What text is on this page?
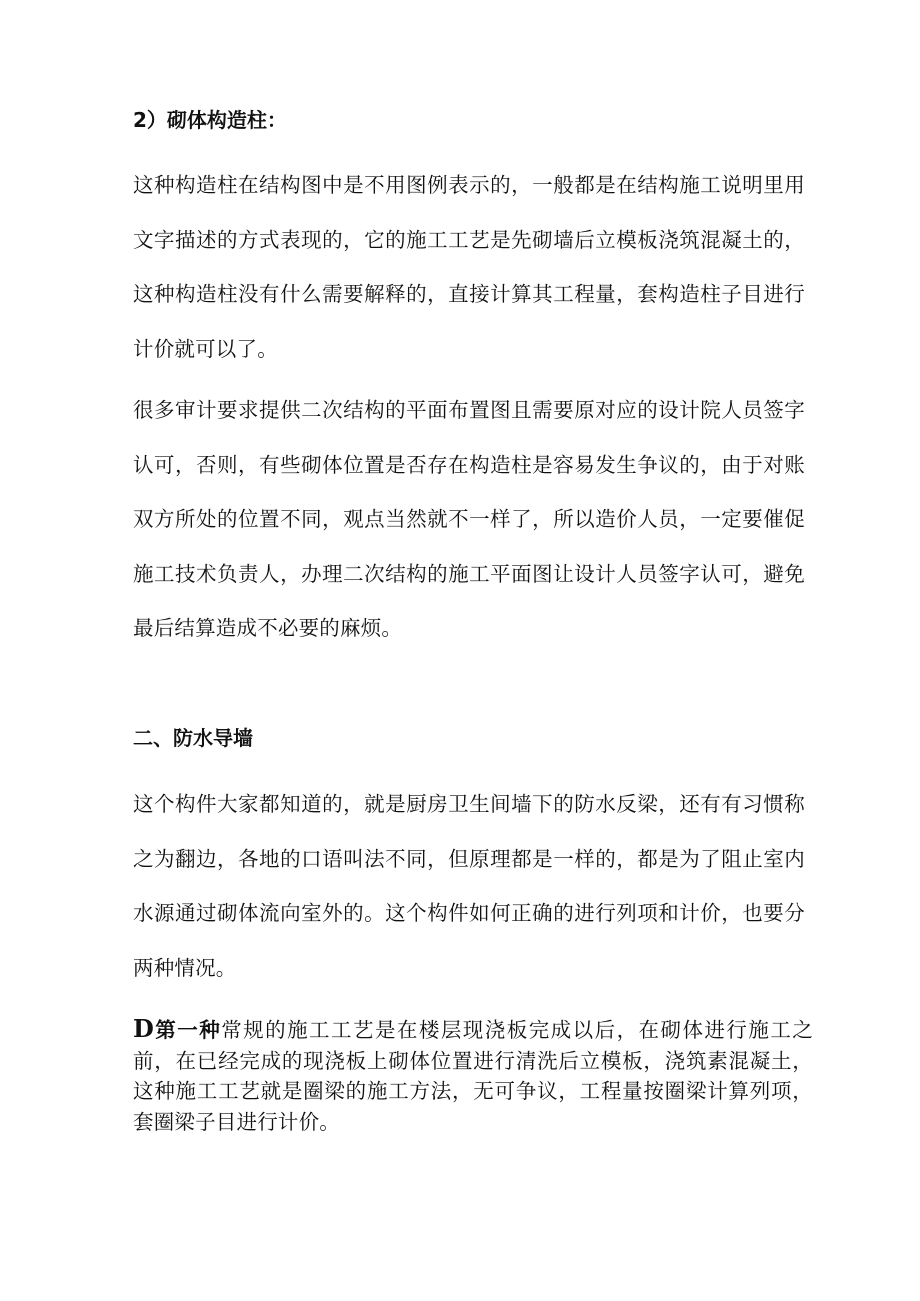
2）砌体构造柱：

这种构造柱在结构图中是不用图例表示的，一般都是在结构施工说明里用文字描述的方式表现的，它的施工工艺是先砌墙后立模板浇筑混凝土的，这种构造柱没有什么需要解释的，直接计算其工程量，套构造柱子目进行计价就可以了。

很多审计要求提供二次结构的平面布置图且需要原对应的设计院人员签字认可，否则，有些砌体位置是否存在构造柱是容易发生争议的，由于对账双方所处的位置不同，观点当然就不一样了，所以造价人员，一定要催促施工技术负责人，办理二次结构的施工平面图让设计人员签字认可，避免最后结算造成不必要的麻烦。

二、防水导墙

这个构件大家都知道的，就是厨房卫生间墙下的防水反梁，还有有习惯称之为翻边，各地的口语叫法不同，但原理都是一样的，都是为了阻止室内水源通过砌体流向室外的。这个构件如何正确的进行列项和计价，也要分两种情况。

D第一种常规的施工工艺是在楼层现浇板完成以后，在砌体进行施工之前，在已经完成的现浇板上砌体位置进行清洗后立模板，浇筑素混凝土，这种施工工艺就是圈梁的施工方法，无可争议，工程量按圈梁计算列项，套圈梁子目进行计价。
